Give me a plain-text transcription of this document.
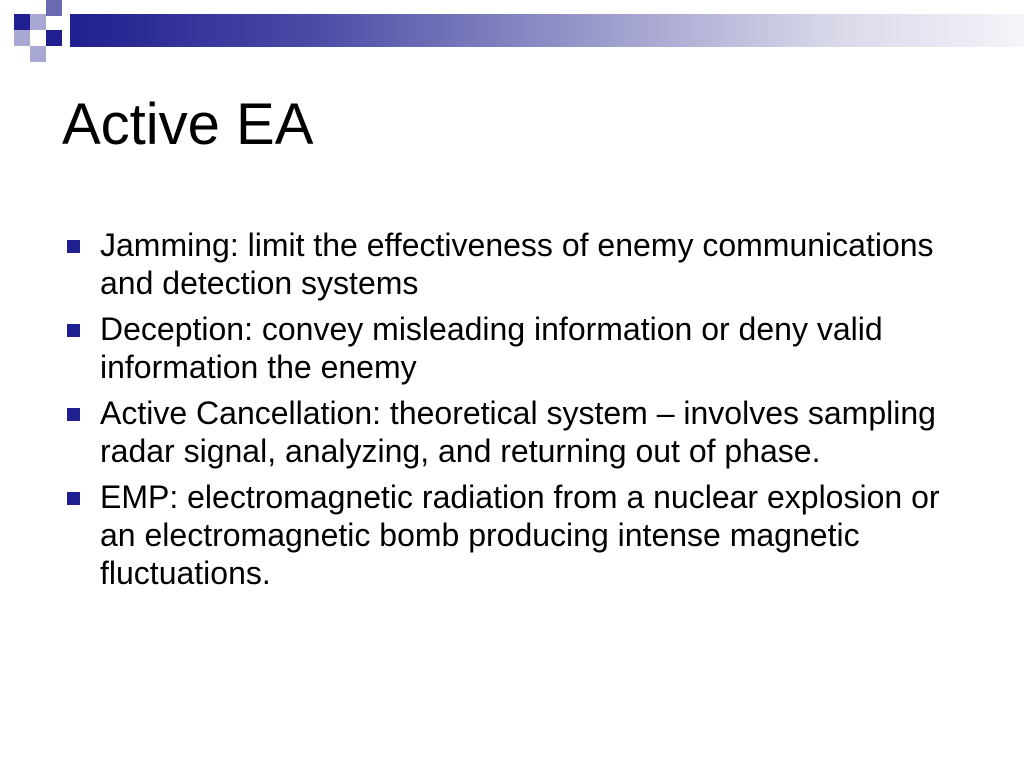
Active EA
Jamming: limit the effectiveness of enemy communications and detection systems
Deception: convey misleading information or deny valid information the enemy
Active Cancellation: theoretical system – involves sampling radar signal, analyzing, and returning out of phase.
EMP: electromagnetic radiation from a nuclear explosion or an electromagnetic bomb producing intense magnetic fluctuations.
